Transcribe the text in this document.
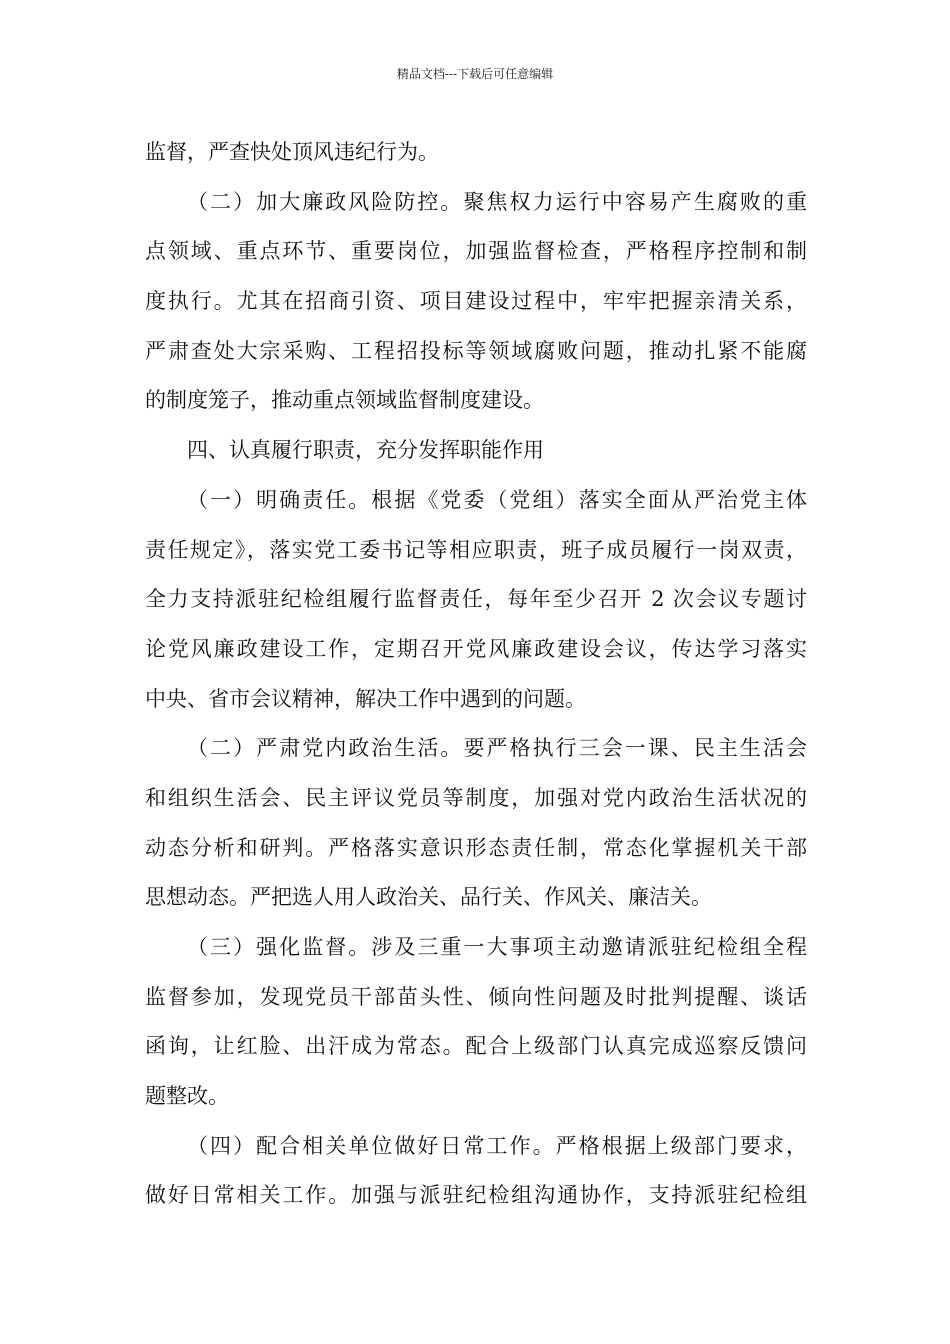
精品文档---下载后可任意编辑
监督，严查快处顶风违纪行为。
（二）加大廉政风险防控。聚焦权力运行中容易产生腐败的重
点领域、重点环节、重要岗位，加强监督检查，严格程序控制和制
度执行。尤其在招商引资、项目建设过程中，牢牢把握亲清关系，
严肃查处大宗采购、工程招投标等领域腐败问题，推动扎紧不能腐
的制度笼子，推动重点领域监督制度建设。
四、认真履行职责，充分发挥职能作用
（一）明确责任。根据《党委（党组）落实全面从严治党主体
责任规定》，落实党工委书记等相应职责，班子成员履行一岗双责，
全力支持派驻纪检组履行监督责任，每年至少召开 2 次会议专题讨
论党风廉政建设工作，定期召开党风廉政建设会议，传达学习落实
中央、省市会议精神，解决工作中遇到的问题。
（二）严肃党内政治生活。要严格执行三会一课、民主生活会
和组织生活会、民主评议党员等制度，加强对党内政治生活状况的
动态分析和研判。严格落实意识形态责任制，常态化掌握机关干部
思想动态。严把选人用人政治关、品行关、作风关、廉洁关。
（三）强化监督。涉及三重一大事项主动邀请派驻纪检组全程
监督参加，发现党员干部苗头性、倾向性问题及时批判提醒、谈话
函询，让红脸、出汗成为常态。配合上级部门认真完成巡察反馈问
题整改。
（四）配合相关单位做好日常工作。严格根据上级部门要求，
做好日常相关工作。加强与派驻纪检组沟通协作，支持派驻纪检组
